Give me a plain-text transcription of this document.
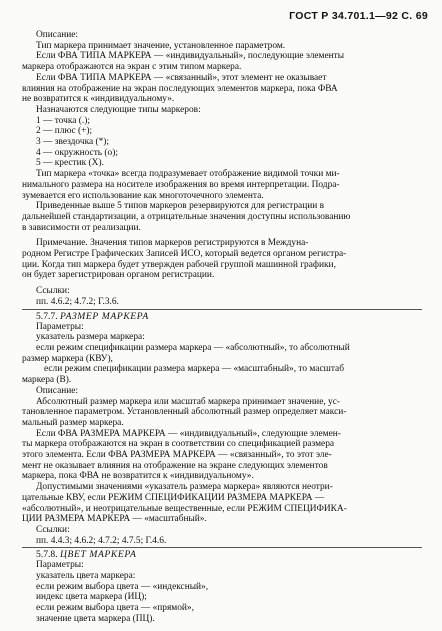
ГОСТ Р 34.701.1—92 С. 69
Описание:
Тип маркера принимает значение, установленное параметром.
Если ФВА ТИПА МАРКЕРА — «индивидуальный», последующие элементы
маркера отображаются на экран с этим типом маркера.
Если ФВА ТИПА МАРКЕРА — «связанный», этот элемент не оказывает
влияния на отображение на экран последующих элементов маркера, пока ФВА
не возвратится к «индивидуальному».
Назначаются следующие типы маркеров:
1 — точка (.);
2 — плюс (+);
3 — звездочка (*);
4 — окружность (о);
5 — крестик (X).
Тип маркера «точка» всегда подразумевает отображение видимой точки ми-
нимального размера на носителе изображения во время интерпретации. Подра-
зумевается его использование как многоточечного элемента.
Приведенные выше 5 типов маркеров резервируются для регистрации в
дальнейшей стандартизации, а отрицательные значения доступны использованию
в зависимости от реализации.
Примечание. Значения типов маркеров регистрируются в Междуна-
родном Регистре Графических Записей ИСО, который ведется органом регистра-
ции. Когда тип маркера будет утвержден рабочей группой машинной графики,
он будет зарегистрирован органом регистрации.
Ссылки:
пп. 4.6.2; 4.7.2; Г.3.6.
5.7.7. РАЗМЕР МАРКЕРА
Параметры:
указатель размера маркера:
если режим спецификации размера маркера — «абсолютный», то абсолютный
размер маркера (КВУ),
если режим спецификации размера маркера — «масштабный», то масштаб
маркера (В).
Описание:
Абсолютный размер маркера или масштаб маркера принимает значение, ус-
тановленное параметром. Установленный абсолютный размер определяет макси-
мальный размер маркера.
Если ФВА РАЗМЕРА МАРКЕРА — «индивидуальный», следующие элемен-
ты маркера отображаются на экран в соответствии со спецификацией размера
этого элемента. Если ФВА РАЗМЕРА МАРКЕРА — «связанный», то этот эле-
мент не оказывает влияния на отображение на экране следующих элементов
маркера, пока ФВА не возвратится к «индивидуальному».
Допустимыми значениями «указатель размера маркера» являются неотри-
цательные КВУ, если РЕЖИМ СПЕЦИФИКАЦИИ РАЗМЕРА МАРКЕРА —
«абсолютный», и неотрицательные вещественные, если РЕЖИМ СПЕЦИФИКА-
ЦИИ РАЗМЕРА МАРКЕРА — «масштабный».
Ссылки:
пп. 4.4.3; 4.6.2; 4.7.2; 4.7.5; Г.4.6.
5.7.8. ЦВЕТ МАРКЕРА
Параметры:
указатель цвета маркера:
если режим выбора цвета — «индексный»,
индекс цвета маркера (ИЦ);
если режим выбора цвета — «прямой»,
значение цвета маркера (ПЦ).
